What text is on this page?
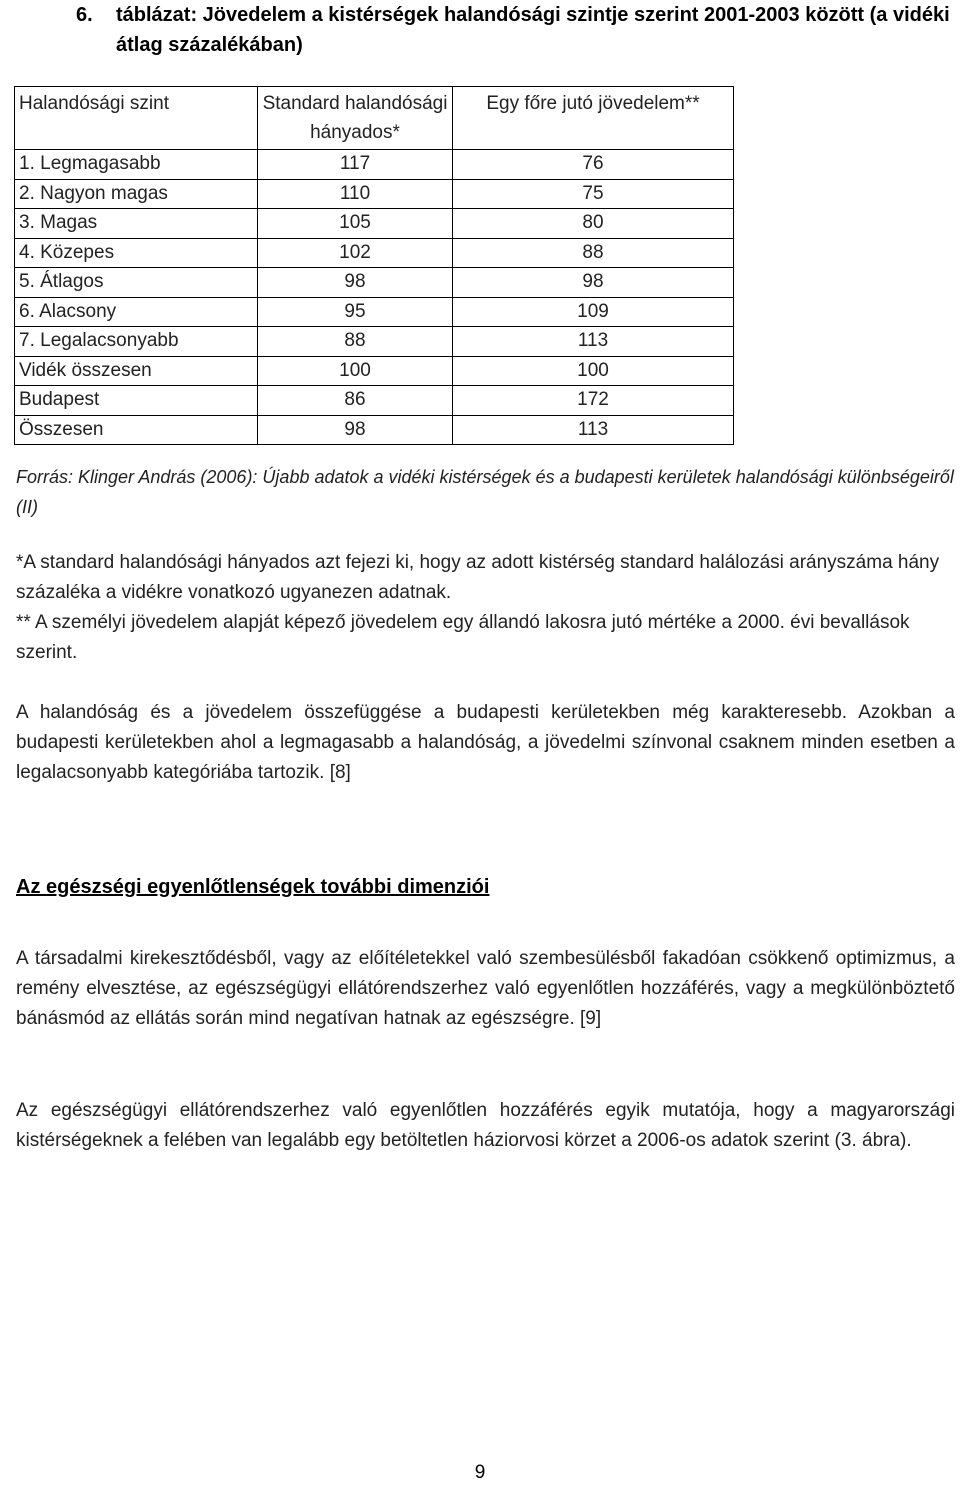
6.	táblázat: Jövedelem a kistérségek halandósági szintje szerint 2001-2003 között (a vidéki átlag százalékában)
Halandósági szint	Standard halandósági hányados*	Egy főre jutó jövedelem**
1. Legmagasabb	117	76
2. Nagyon magas	110	75
3. Magas	105	80
4. Közepes	102	88
5. Átlagos	98	98
6. Alacsony	95	109
7. Legalacsonyabb	88	113
Vidék összesen	100	100
Budapest	86	172
Összesen	98	113

Forrás: Klinger András (2006): Újabb adatok a vidéki kistérségek és a budapesti kerületek halandósági különbségeiről (II)

*A standard halandósági hányados azt fejezi ki, hogy az adott kistérség standard halálozási arányszáma hány százaléka a vidékre vonatkozó ugyanezen adatnak.

** A személyi jövedelem alapját képező jövedelem egy állandó lakosra jutó mértéke a 2000. évi bevallások szerint.

A halandóság és a jövedelem összefüggése a budapesti kerületekben még karakteresebb. Azokban a budapesti kerületekben ahol a legmagasabb a halandóság, a jövedelmi színvonal csaknem minden esetben a legalacsonyabb kategóriába tartozik. [8]

Az egészségi egyenlőtlenségek további dimenziói

A társadalmi kirekesztődésből, vagy az előítéletekkel való szembesülésből fakadóan csökkenő optimizmus, a remény elvesztése, az egészségügyi ellátórendszerhez való egyenlőtlen hozzáférés, vagy a megkülönböztető bánásmód az ellátás során mind negatívan hatnak az egészségre. [9]

Az egészségügyi ellátórendszerhez való egyenlőtlen hozzáférés egyik mutatója, hogy a magyarországi kistérségeknek a felében van legalább egy betöltetlen háziorvosi körzet a 2006-os adatok szerint (3. ábra).

9
